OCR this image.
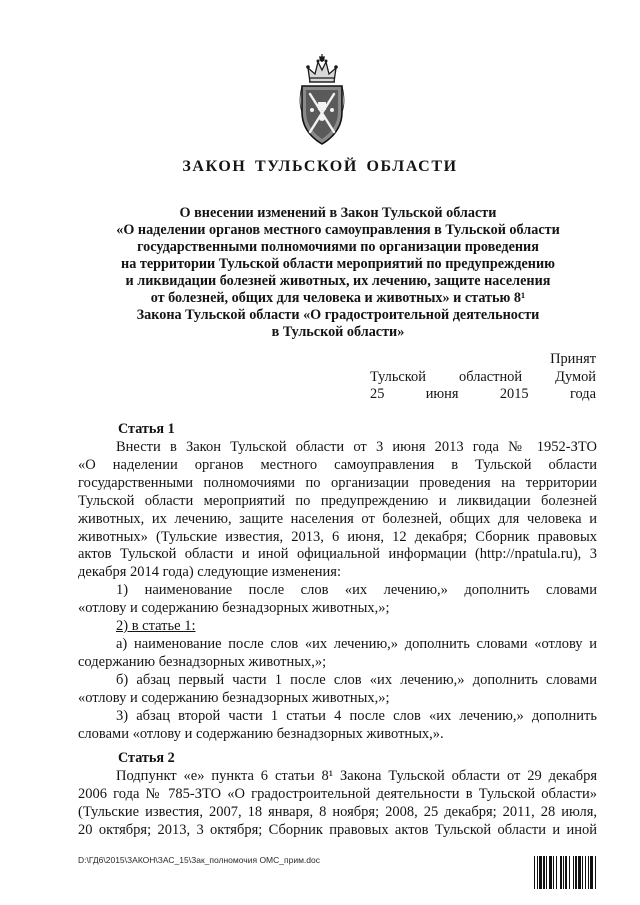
ЗАКОН ТУЛЬСКОЙ ОБЛАСТИ
О внесении изменений в Закон Тульской области
«О наделении органов местного самоуправления в Тульской области
государственными полномочиями по организации проведения
на территории Тульской области мероприятий по предупреждению
и ликвидации болезней животных, их лечению, защите населения
от болезней, общих для человека и животных» и статью 8¹
Закона Тульской области «О градостроительной деятельности
в Тульской области»
Принят
Тульской областной Думой
25	июня	2015	года
Статья 1
Внести в Закон Тульской области от 3 июня 2013 года № 1952-ЗТО
«О наделении органов местного самоуправления в Тульской области
государственными полномочиями по организации проведения на территории
Тульской области мероприятий по предупреждению и ликвидации болезней
животных, их лечению, защите населения от болезней, общих для человека и
животных» (Тульские известия, 2013, 6 июня, 12 декабря; Сборник правовых
актов Тульской области и иной официальной информации (http://npatula.ru), 3
декабря 2014 года) следующие изменения:
1) наименование после слов «их лечению,» дополнить словами
«отлову и содержанию безнадзорных животных,»;
2) в статье 1:
а) наименование после слов «их лечению,» дополнить словами «отлову и
содержанию безнадзорных животных,»;
б) абзац первый части 1 после слов «их лечению,» дополнить словами
«отлову и содержанию безнадзорных животных,»;
3) абзац второй части 1 статьи 4 после слов «их лечению,» дополнить
словами «отлову и содержанию безнадзорных животных,».
Статья 2
Подпункт «е» пункта 6 статьи 8¹ Закона Тульской области от 29 декабря
2006 года № 785-ЗТО «О градостроительной деятельности в Тульской области»
(Тульские известия, 2007, 18 января, 8 ноября; 2008, 25 декабря; 2011, 28 июля,
20 октября; 2013, 3 октября; Сборник правовых актов Тульской области и иной
D:\ГД6\2015\ЗАКОН\ЗАС_15\Зак_полномочия ОМС_прим.doc
